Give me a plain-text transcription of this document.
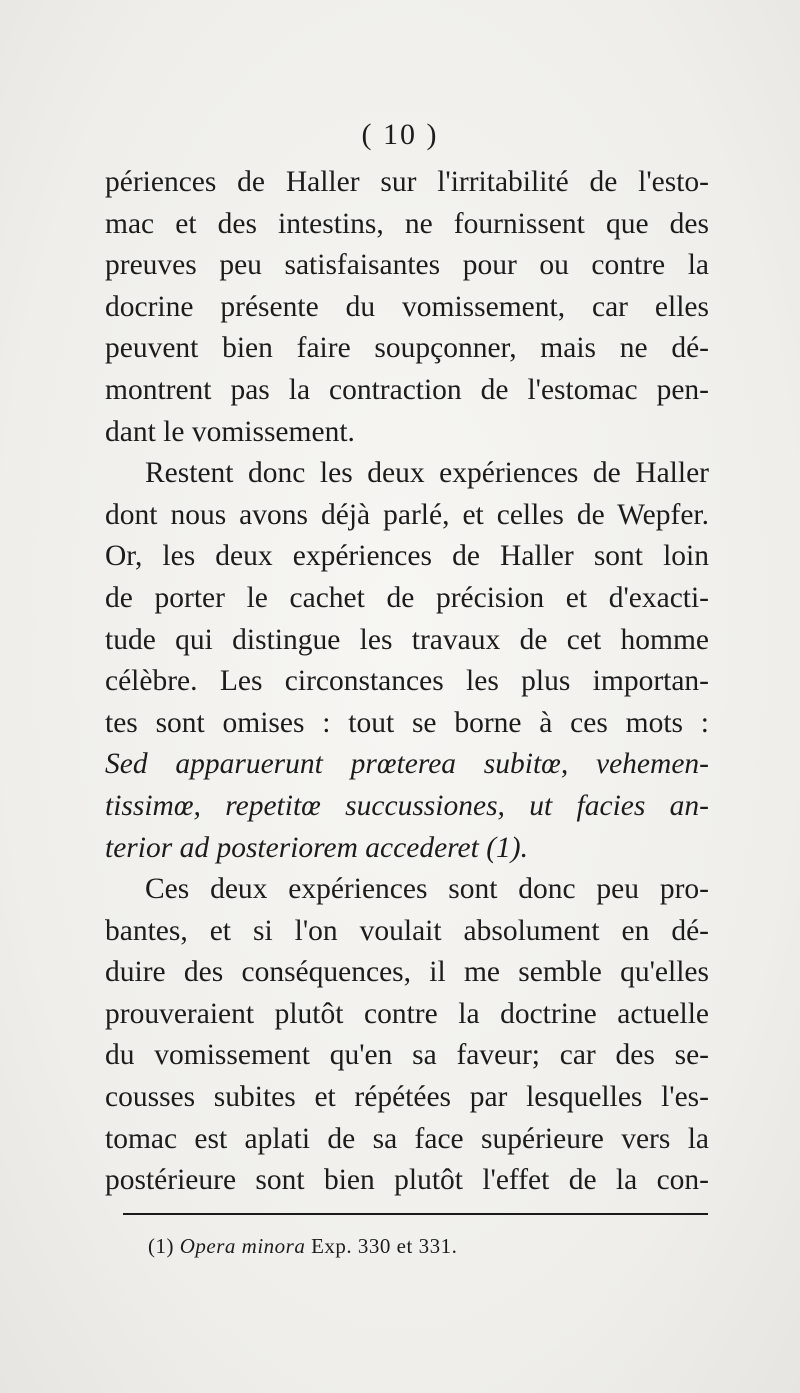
( 10 )
périences de Haller sur l'irritabilité de l'esto-
mac et des intestins, ne fournissent que des
preuves peu satisfaisantes pour ou contre la
docrine présente du vomissement, car elles
peuvent bien faire soupçonner, mais ne dé-
montrent pas la contraction de l'estomac pen-
dant le vomissement.
Restent donc les deux expériences de Haller
dont nous avons déjà parlé, et celles de Wepfer.
Or, les deux expériences de Haller sont loin
de porter le cachet de précision et d'exacti-
tude qui distingue les travaux de cet homme
célèbre. Les circonstances les plus importan-
tes sont omises : tout se borne à ces mots :
Sed apparuerunt prœterea subitœ, vehemen-
tissimœ, repetitœ succussiones, ut facies an-
terior ad posteriorem accederet (1).
Ces deux expériences sont donc peu pro-
bantes, et si l'on voulait absolument en dé-
duire des conséquences, il me semble qu'elles
prouveraient plutôt contre la doctrine actuelle
du vomissement qu'en sa faveur; car des se-
cousses subites et répétées par lesquelles l'es-
tomac est aplati de sa face supérieure vers la
postérieure sont bien plutôt l'effet de la con-
(1) Opera minora Exp. 330 et 331.
